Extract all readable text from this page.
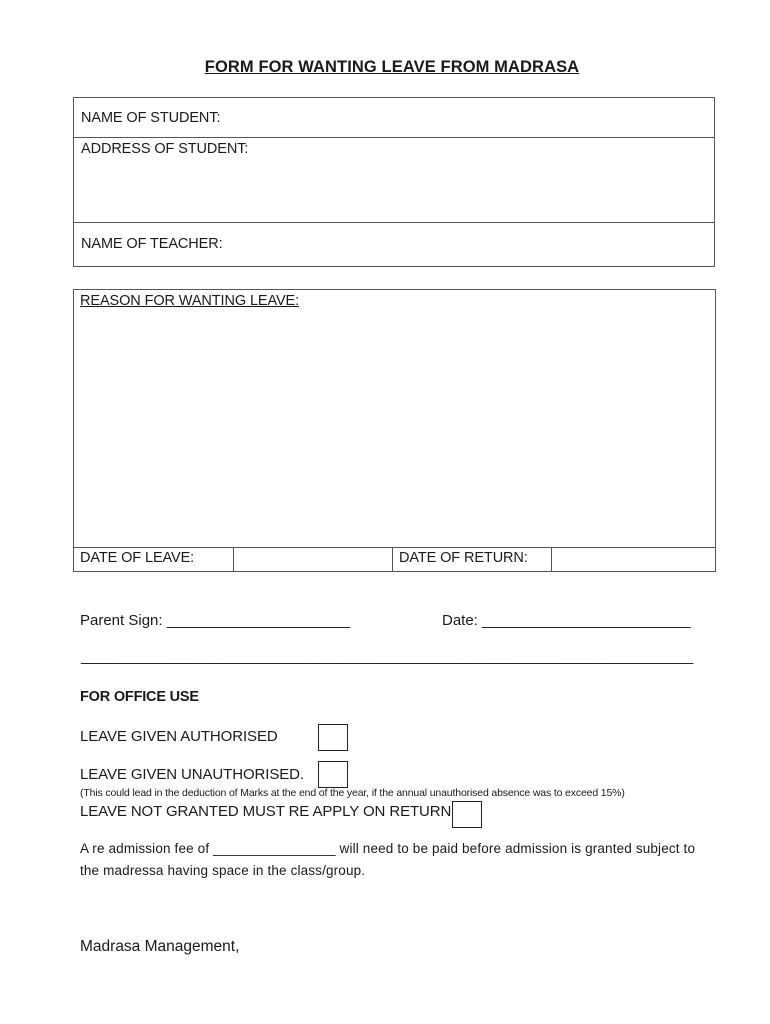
FORM FOR WANTING LEAVE FROM MADRASA
NAME OF STUDENT:
ADDRESS OF STUDENT:
NAME OF TEACHER:
REASON FOR WANTING LEAVE:
DATE OF LEAVE:	DATE OF RETURN:
Parent Sign: ______________________	Date: _________________________
______________________________________________________________________________
FOR OFFICE USE
LEAVE GIVEN AUTHORISED
LEAVE GIVEN UNAUTHORISED.
(This could lead in the deduction of Marks at the end of the year, if the annual unauthorised absence was to exceed 15%)
LEAVE NOT GRANTED MUST RE APPLY ON RETURN
A re admission fee of ________________ will need to be paid before admission is granted subject to
the madressa having space in the class/group.
Madrasa Management,
